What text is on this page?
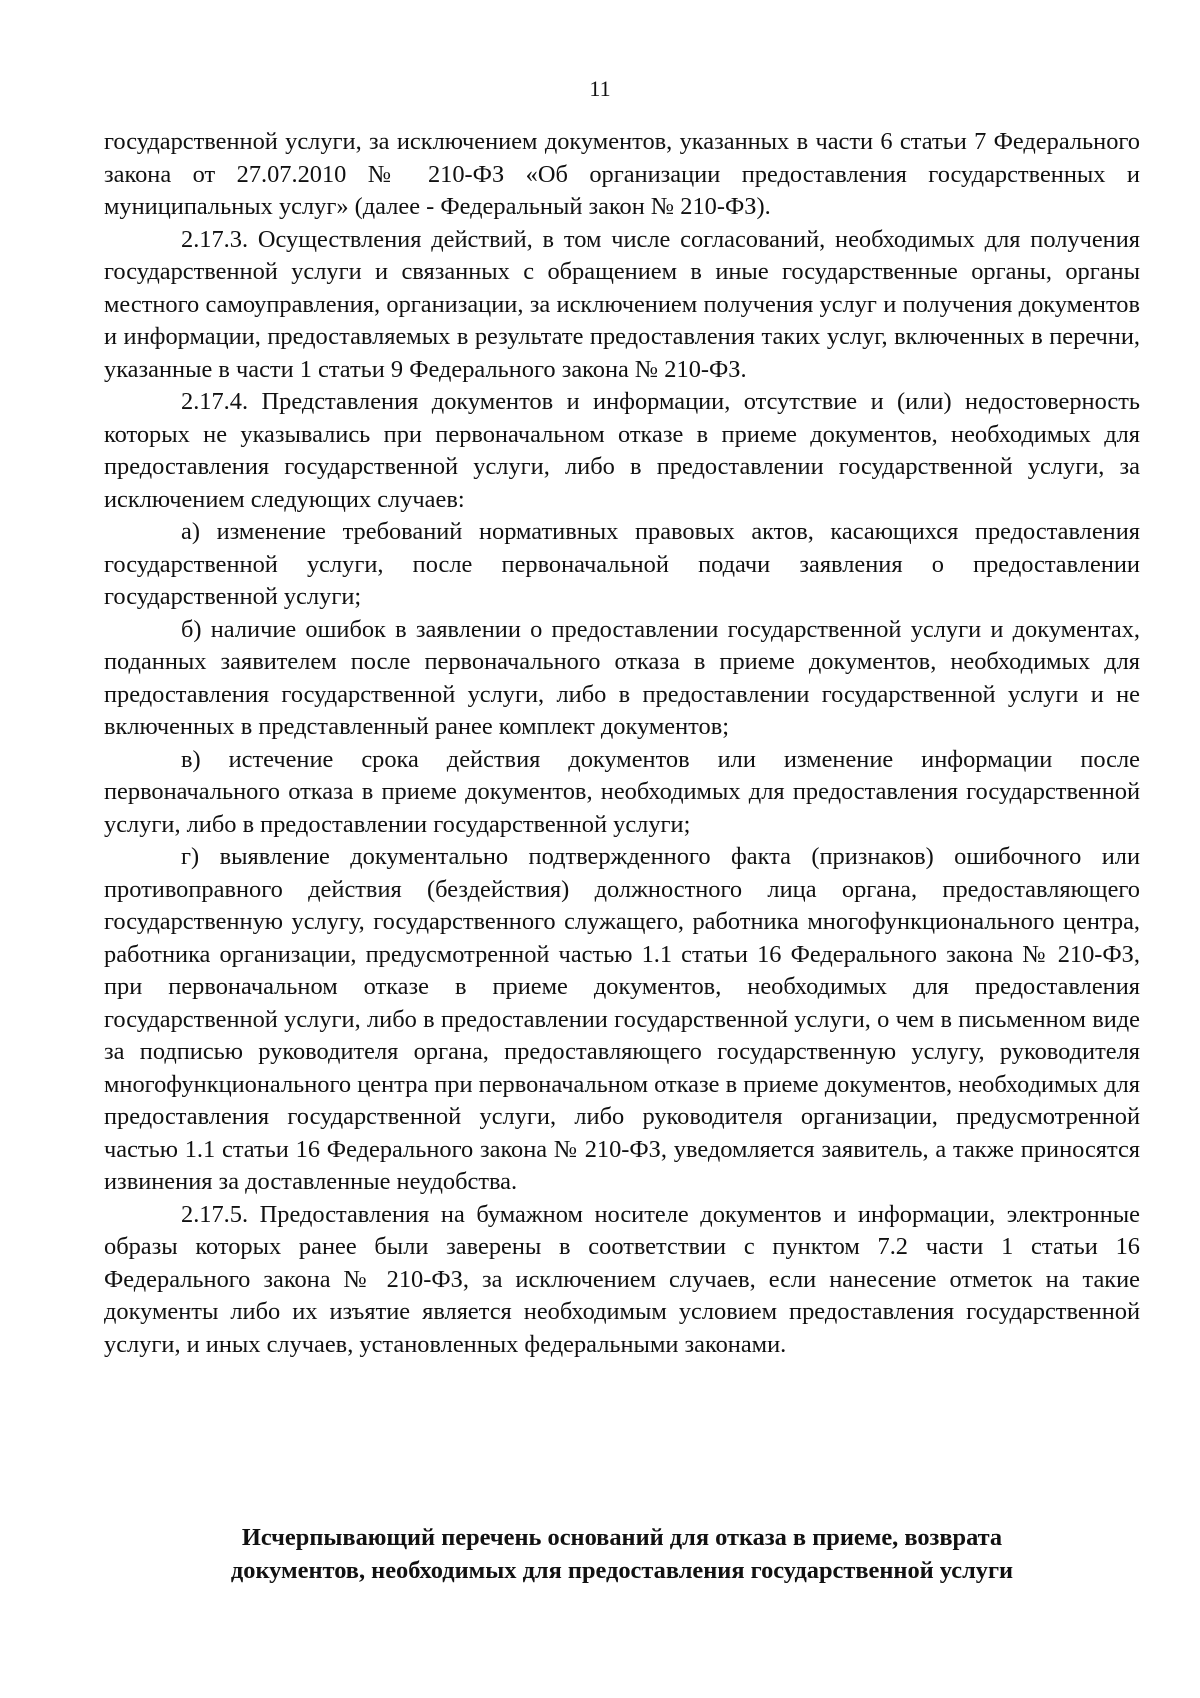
11

государственной услуги, за исключением документов, указанных в части 6 статьи 7 Федерального закона от 27.07.2010 № 210-ФЗ «Об организации предоставления государственных и муниципальных услуг» (далее - Федеральный закон № 210-ФЗ).

2.17.3. Осуществления действий, в том числе согласований, необходимых для получения государственной услуги и связанных с обращением в иные государственные органы, органы местного самоуправления, организации, за исключением получения услуг и получения документов и информации, предоставляемых в результате предоставления таких услуг, включенных в перечни, указанные в части 1 статьи 9 Федерального закона № 210-ФЗ.

2.17.4. Представления документов и информации, отсутствие и (или) недостоверность которых не указывались при первоначальном отказе в приеме документов, необходимых для предоставления государственной услуги, либо в предоставлении государственной услуги, за исключением следующих случаев:

а) изменение требований нормативных правовых актов, касающихся предоставления государственной услуги, после первоначальной подачи заявления о предоставлении государственной услуги;

б) наличие ошибок в заявлении о предоставлении государственной услуги и документах, поданных заявителем после первоначального отказа в приеме документов, необходимых для предоставления государственной услуги, либо в предоставлении государственной услуги и не включенных в представленный ранее комплект документов;

в) истечение срока действия документов или изменение информации после первоначального отказа в приеме документов, необходимых для предоставления государственной услуги, либо в предоставлении государственной услуги;

г) выявление документально подтвержденного факта (признаков) ошибочного или противоправного действия (бездействия) должностного лица органа, предоставляющего государственную услугу, государственного служащего, работника многофункционального центра, работника организации, предусмотренной частью 1.1 статьи 16 Федерального закона № 210-ФЗ, при первоначальном отказе в приеме документов, необходимых для предоставления государственной услуги, либо в предоставлении государственной услуги, о чем в письменном виде за подписью руководителя органа, предоставляющего государственную услугу, руководителя многофункционального центра при первоначальном отказе в приеме документов, необходимых для предоставления государственной услуги, либо руководителя организации, предусмотренной частью 1.1 статьи 16 Федерального закона № 210-ФЗ, уведомляется заявитель, а также приносятся извинения за доставленные неудобства.

2.17.5. Предоставления на бумажном носителе документов и информации, электронные образы которых ранее были заверены в соответствии с пунктом 7.2 части 1 статьи 16 Федерального закона № 210-ФЗ, за исключением случаев, если нанесение отметок на такие документы либо их изъятие является необходимым условием предоставления государственной услуги, и иных случаев, установленных федеральными законами.

Исчерпывающий перечень оснований для отказа в приеме, возврата
документов, необходимых для предоставления государственной услуги
